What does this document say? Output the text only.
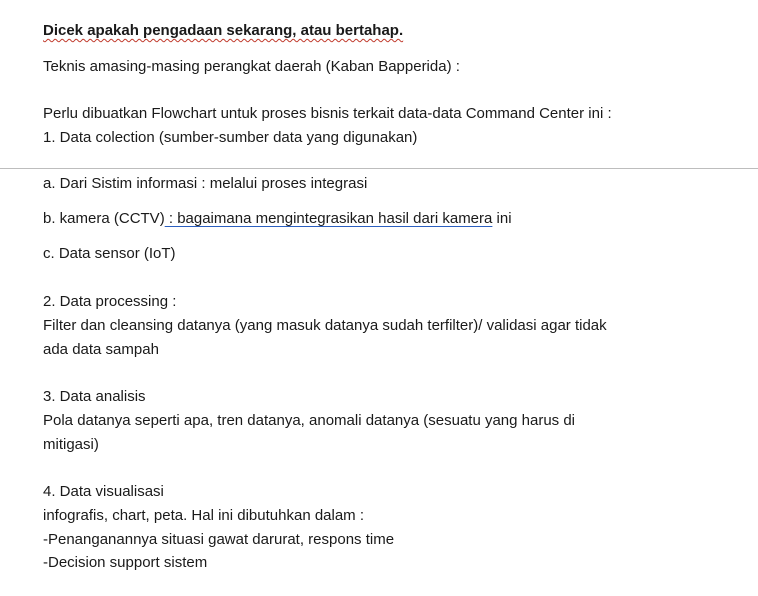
Dicek apakah pengadaan sekarang, atau bertahap.
Teknis amasing-masing perangkat daerah (Kaban Bapperida) :
Perlu dibuatkan Flowchart untuk proses bisnis terkait data-data Command Center ini :
1. Data colection (sumber-sumber data yang digunakan)
a. Dari Sistim informasi : melalui proses integrasi
b. kamera (CCTV) : bagaimana mengintegrasikan hasil dari kamera ini
c. Data sensor (IoT)
2. Data processing :
Filter dan cleansing datanya (yang masuk datanya sudah terfilter)/ validasi agar tidak
ada data sampah
3. Data analisis
Pola datanya seperti apa, tren datanya, anomali datanya (sesuatu yang harus di
mitigasi)
4. Data visualisasi
infografis, chart, peta. Hal ini dibutuhkan dalam :
-Penanganannya situasi gawat darurat, respons time
-Decision support sistem
